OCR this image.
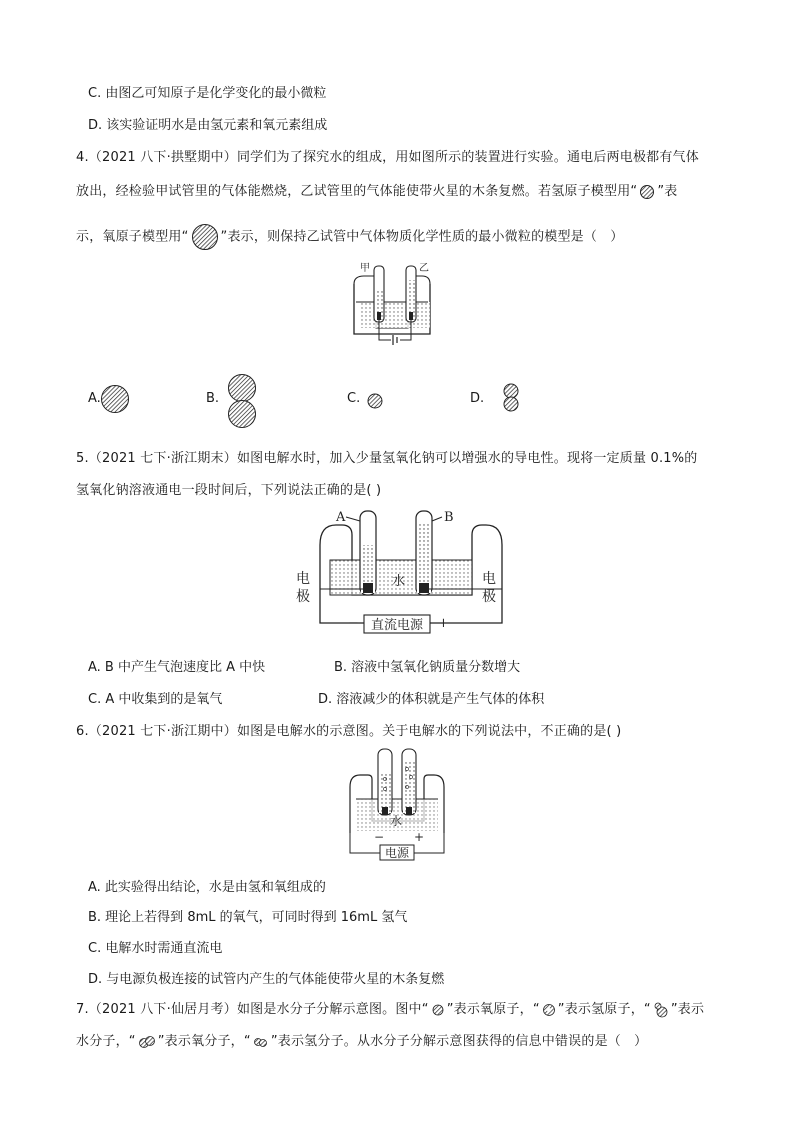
C. 由图乙可知原子是化学变化的最小微粒
D. 该实验证明水是由氢元素和氧元素组成
4.（2021 八下·拱墅期中）同学们为了探究水的组成，用如图所示的装置进行实验。通电后两电极都有气体
放出，经检验甲试管里的气体能燃烧，乙试管里的气体能使带火星的木条复燃。若氢原子模型用“ ”表
示，氧原子模型用“ ”表示，则保持乙试管中气体物质化学性质的最小微粒的模型是（　）
甲	乙
A.	B.	C.	D.
5.（2021 七下·浙江期末）如图电解水时，加入少量氢氧化钠可以增强水的导电性。现将一定质量 0.1%的
氢氧化钠溶液通电一段时间后，下列说法正确的是( )
A	B
电
极
电
极
水
−	+
直流电源
A. B 中产生气泡速度比 A 中快	B. 溶液中氢氧化钠质量分数增大
C. A 中收集到的是氧气	D. 溶液减少的体积就是产生气体的体积
6.（2021 七下·浙江期中）如图是电解水的示意图。关于电解水的下列说法中，不正确的是( )
水
− +
电源
A. 此实验得出结论，水是由氢和氧组成的
B. 理论上若得到 8mL 的氧气，可同时得到 16mL 氢气
C. 电解水时需通直流电
D. 与电源负极连接的试管内产生的气体能使带火星的木条复燃
7.（2021 八下·仙居月考）如图是水分子分解示意图。图中“ ”表示氧原子，“ ”表示氢原子，“ ”表示
水分子，“ ”表示氧分子，“ ”表示氢分子。从水分子分解示意图获得的信息中错误的是（　）
